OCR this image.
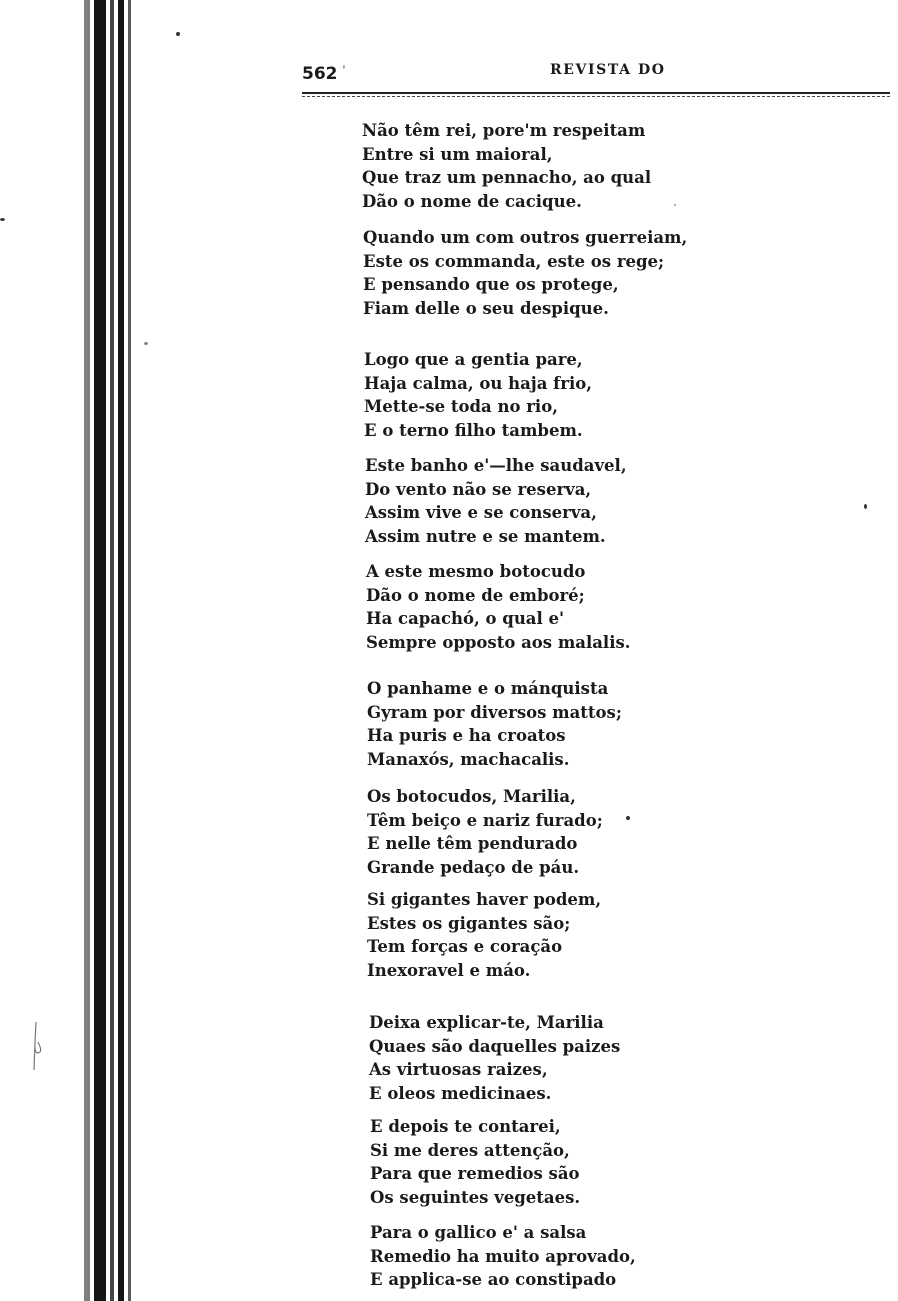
562 ˈ	REVISTA DO
Não têm rei, pore'm respeitam
Entre si um maioral,
Que traz um pennacho, ao qual
Dão o nome de cacique.
Quando um com outros guerreiam,
Este os commanda, este os rege;
E pensando que os protege,
Fiam delle o seu despique.
Logo que a gentia pare,
Haja calma, ou haja frio,
Mette-se toda no rio,
E o terno filho tambem.
Este banho e'—lhe saudavel,
Do vento não se reserva,
Assim vive e se conserva,
Assim nutre e se mantem.
A este mesmo botocudo
Dão o nome de emboré;
Ha capachó, o qual e'
Sempre opposto aos malalis.
O panhame e o mánquista
Gyram por diversos mattos;
Ha puris e ha croatos
Manaxós, machacalis.
Os botocudos, Marilia,
Têm beiço e nariz furado;
E nelle têm pendurado
Grande pedaço de páu.
Si gigantes haver podem,
Estes os gigantes são;
Tem forças e coração
Inexoravel e máo.
Deixa explicar-te, Marilia
Quaes são daquelles paizes
As virtuosas raizes,
E oleos medicinaes.
E depois te contarei,
Si me deres attenção,
Para que remedios são
Os seguintes vegetaes.
Para o gallico e' a salsa
Remedio ha muito aprovado,
E applica-se ao constipado
